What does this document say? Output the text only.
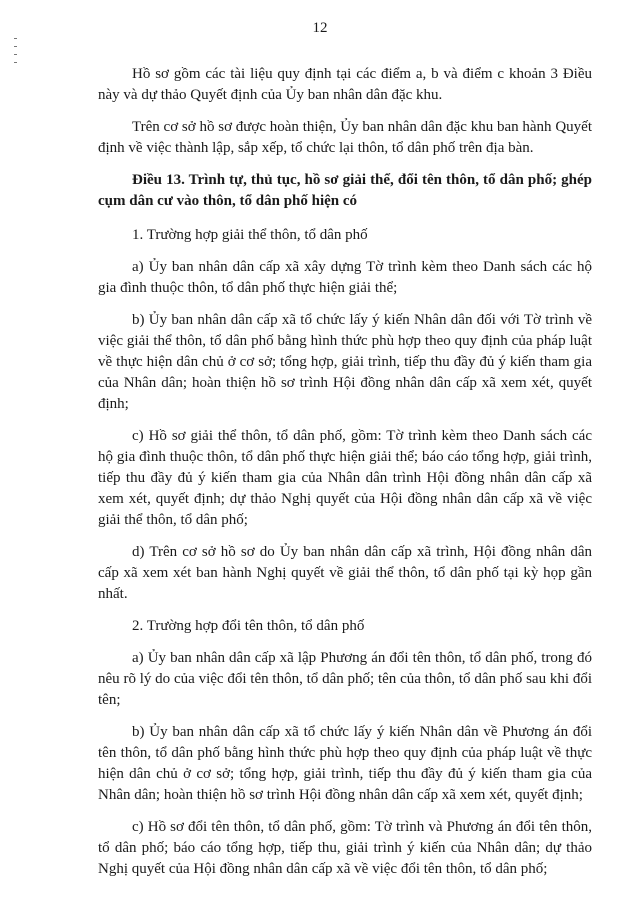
12

Hồ sơ gồm các tài liệu quy định tại các điểm a, b và điểm c khoản 3 Điều này và dự thảo Quyết định của Ủy ban nhân dân đặc khu.

Trên cơ sở hồ sơ được hoàn thiện, Ủy ban nhân dân đặc khu ban hành Quyết định về việc thành lập, sắp xếp, tổ chức lại thôn, tổ dân phố trên địa bàn.

Điều 13. Trình tự, thủ tục, hồ sơ giải thể, đổi tên thôn, tổ dân phố; ghép cụm dân cư vào thôn, tổ dân phố hiện có

1. Trường hợp giải thể thôn, tổ dân phố

a) Ủy ban nhân dân cấp xã xây dựng Tờ trình kèm theo Danh sách các hộ gia đình thuộc thôn, tổ dân phố thực hiện giải thể;

b) Ủy ban nhân dân cấp xã tổ chức lấy ý kiến Nhân dân đối với Tờ trình về việc giải thể thôn, tổ dân phố bằng hình thức phù hợp theo quy định của pháp luật về thực hiện dân chủ ở cơ sở; tổng hợp, giải trình, tiếp thu đầy đủ ý kiến tham gia của Nhân dân; hoàn thiện hồ sơ trình Hội đồng nhân dân cấp xã xem xét, quyết định;

c) Hồ sơ giải thể thôn, tổ dân phố, gồm: Tờ trình kèm theo Danh sách các hộ gia đình thuộc thôn, tổ dân phố thực hiện giải thể; báo cáo tổng hợp, giải trình, tiếp thu đầy đủ ý kiến tham gia của Nhân dân trình Hội đồng nhân dân cấp xã xem xét, quyết định; dự thảo Nghị quyết của Hội đồng nhân dân cấp xã về việc giải thể thôn, tổ dân phố;

d) Trên cơ sở hồ sơ do Ủy ban nhân dân cấp xã trình, Hội đồng nhân dân cấp xã xem xét ban hành Nghị quyết về giải thể thôn, tổ dân phố tại kỳ họp gần nhất.

2. Trường hợp đổi tên thôn, tổ dân phố

a) Ủy ban nhân dân cấp xã lập Phương án đổi tên thôn, tổ dân phố, trong đó nêu rõ lý do của việc đổi tên thôn, tổ dân phố; tên của thôn, tổ dân phố sau khi đổi tên;

b) Ủy ban nhân dân cấp xã tổ chức lấy ý kiến Nhân dân về Phương án đổi tên thôn, tổ dân phố bằng hình thức phù hợp theo quy định của pháp luật về thực hiện dân chủ ở cơ sở; tổng hợp, giải trình, tiếp thu đầy đủ ý kiến tham gia của Nhân dân; hoàn thiện hồ sơ trình Hội đồng nhân dân cấp xã xem xét, quyết định;

c) Hồ sơ đổi tên thôn, tổ dân phố, gồm: Tờ trình và Phương án đổi tên thôn, tổ dân phố; báo cáo tổng hợp, tiếp thu, giải trình ý kiến của Nhân dân; dự thảo Nghị quyết của Hội đồng nhân dân cấp xã về việc đổi tên thôn, tổ dân phố;
